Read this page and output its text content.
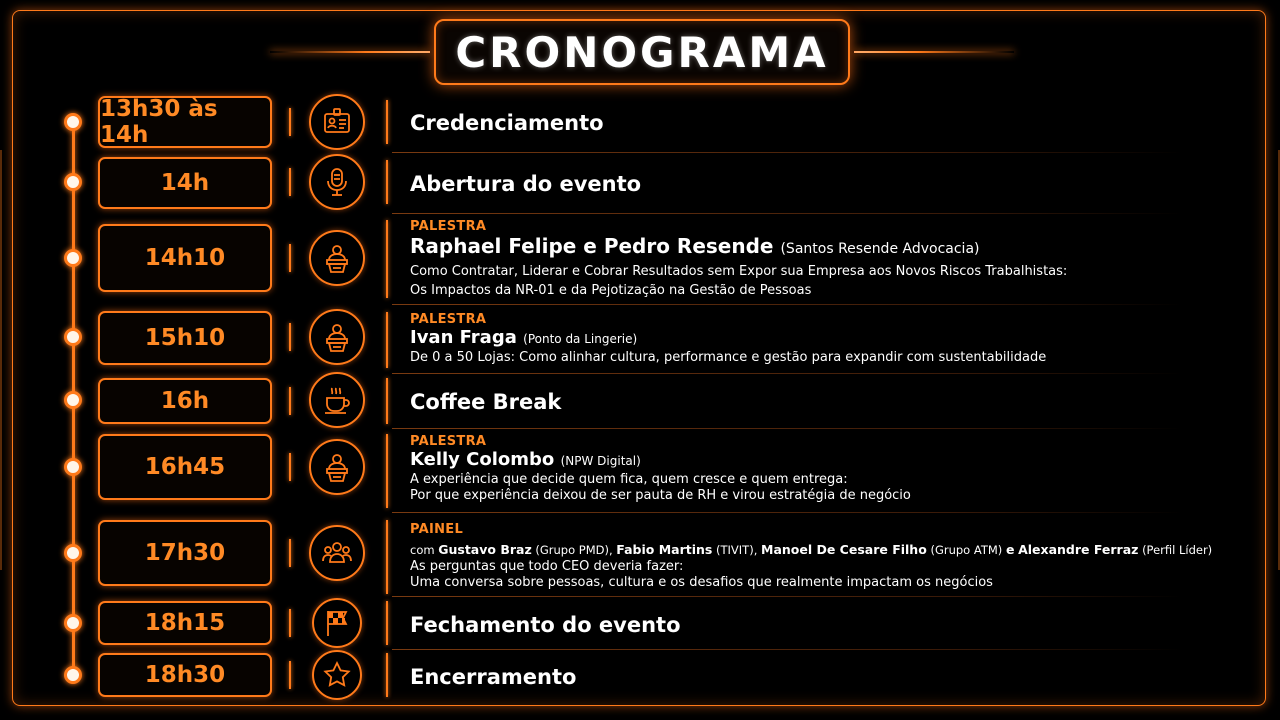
CRONOGRAMA
13h30 às 14h	Credenciamento
14h	Abertura do evento
14h10
PALESTRA
Raphael Felipe e Pedro Resende (Santos Resende Advocacia)
Como Contratar, Liderar e Cobrar Resultados sem Expor sua Empresa aos Novos Riscos Trabalhistas:
Os Impactos da NR-01 e da Pejotização na Gestão de Pessoas
15h10
PALESTRA
Ivan Fraga (Ponto da Lingerie)
De 0 a 50 Lojas: Como alinhar cultura, performance e gestão para expandir com sustentabilidade
16h	Coffee Break
16h45
PALESTRA
Kelly Colombo (NPW Digital)
A experiência que decide quem fica, quem cresce e quem entrega:
Por que experiência deixou de ser pauta de RH e virou estratégia de negócio
17h30
PAINEL
com Gustavo Braz (Grupo PMD), Fabio Martins (TIVIT), Manoel De Cesare Filho (Grupo ATM) e Alexandre Ferraz (Perfil Líder)
As perguntas que todo CEO deveria fazer:
Uma conversa sobre pessoas, cultura e os desafios que realmente impactam os negócios
18h15	Fechamento do evento
18h30	Encerramento
